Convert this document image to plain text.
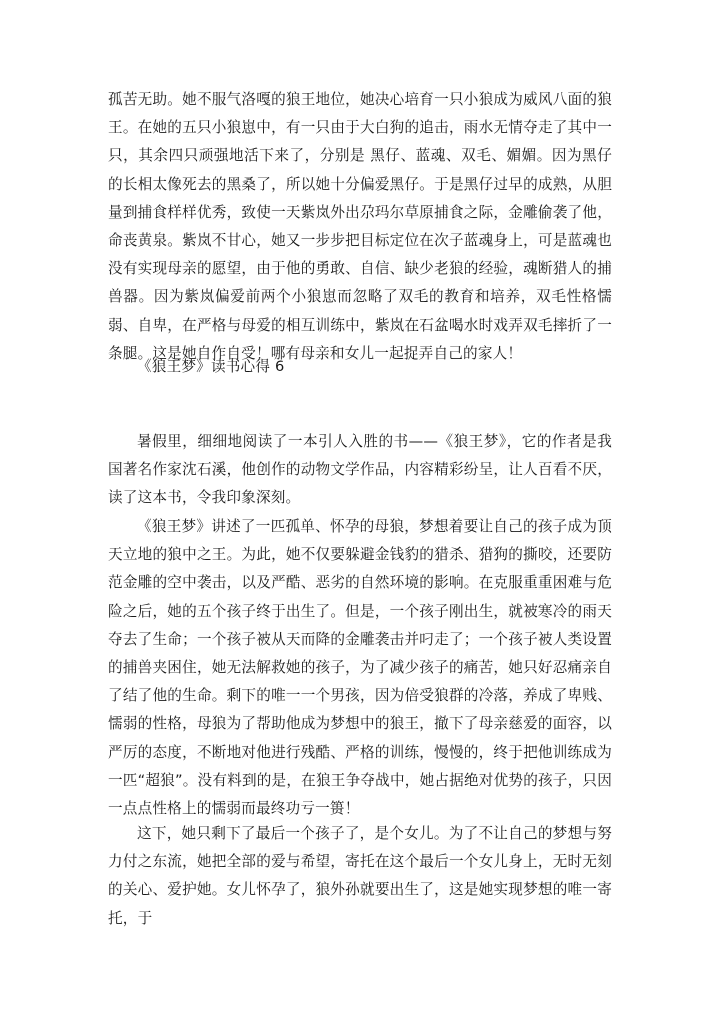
孤苦无助。她不服气洛嘎的狼王地位，她决心培育一只小狼成为威风八面的狼王。在她的五只小狼崽中，有一只由于大白狗的追击，雨水无情夺走了其中一只，其余四只顽强地活下来了，分别是 黑仔、蓝魂、双毛、媚媚。因为黑仔的长相太像死去的黑桑了，所以她十分偏爱黑仔。于是黑仔过早的成熟，从胆量到捕食样样优秀，致使一天紫岚外出尕玛尔草原捕食之际，金雕偷袭了他，命丧黄泉。紫岚不甘心，她又一步步把目标定位在次子蓝魂身上，可是蓝魂也没有实现母亲的愿望，由于他的勇敢、自信、缺少老狼的经验，魂断猎人的捕兽器。因为紫岚偏爱前两个小狼崽而忽略了双毛的教育和培养，双毛性格懦弱、自卑，在严格与母爱的相互训练中，紫岚在石盆喝水时戏弄双毛摔折了一条腿。这是她自作自受！哪有母亲和女儿一起捉弄自己的家人！

《狼王梦》读书心得 6

暑假里，细细地阅读了一本引人入胜的书——《狼王梦》，它的作者是我国著名作家沈石溪，他创作的动物文学作品，内容精彩纷呈，让人百看不厌，读了这本书，令我印象深刻。

《狼王梦》讲述了一匹孤单、怀孕的母狼，梦想着要让自己的孩子成为顶天立地的狼中之王。为此，她不仅要躲避金钱豹的猎杀、猎狗的撕咬，还要防范金雕的空中袭击，以及严酷、恶劣的自然环境的影响。在克服重重困难与危险之后，她的五个孩子终于出生了。但是，一个孩子刚出生，就被寒冷的雨天夺去了生命；一个孩子被从天而降的金雕袭击并叼走了；一个孩子被人类设置的捕兽夹困住，她无法解救她的孩子，为了减少孩子的痛苦，她只好忍痛亲自了结了他的生命。剩下的唯一一个男孩，因为倍受狼群的冷落，养成了卑贱、懦弱的性格，母狼为了帮助他成为梦想中的狼王，撤下了母亲慈爱的面容，以严厉的态度，不断地对他进行残酷、严格的训练，慢慢的，终于把他训练成为一匹“超狼”。没有料到的是，在狼王争夺战中，她占据绝对优势的孩子，只因一点点性格上的懦弱而最终功亏一篑！

这下，她只剩下了最后一个孩子了，是个女儿。为了不让自己的梦想与努力付之东流，她把全部的爱与希望，寄托在这个最后一个女儿身上，无时无刻的关心、爱护她。女儿怀孕了，狼外孙就要出生了，这是她实现梦想的唯一寄托，于
